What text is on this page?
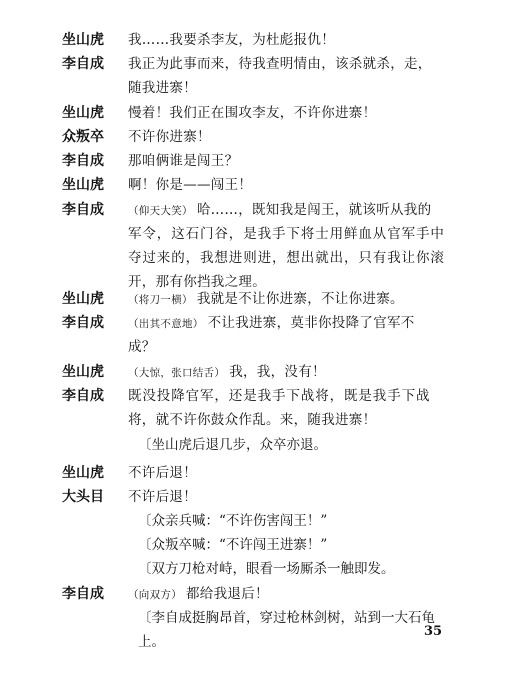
坐山虎 我……我要杀李友，为杜彪报仇！
李自成 我正为此事而来，待我查明情由，该杀就杀，走，
随我进寨！
坐山虎 慢着！我们正在围攻李友，不许你进寨！
众叛卒 不许你进寨！
李自成 那咱俩谁是闯王？
坐山虎 啊！你是——闯王！
李自成 （仰天大笑） 哈……，既知我是闯王，就该听从我的
军令，这石门谷，是我手下将士用鲜血从官军手中
夺过来的，我想进则进，想出就出，只有我让你滚
开，那有你挡我之理。
坐山虎 （将刀一横） 我就是不让你进寨，不让你进寨。
李自成 （出其不意地） 不让我进寨，莫非你投降了官军不
成？
坐山虎 （大惊，张口结舌） 我，我，没有！
李自成 既没投降官军，还是我手下战将，既是我手下战
将，就不许你鼓众作乱。来，随我进寨！
〔坐山虎后退几步，众卒亦退。
坐山虎 不许后退！
大头目 不许后退！
〔众亲兵喊：“不许伤害闯王！”
〔众叛卒喊：“不许闯王进寨！”
〔双方刀枪对峙，眼看一场厮杀一触即发。
李自成 （向双方） 都给我退后！
〔李自成挺胸昂首，穿过枪林剑树，站到一大石龟
上。
35
